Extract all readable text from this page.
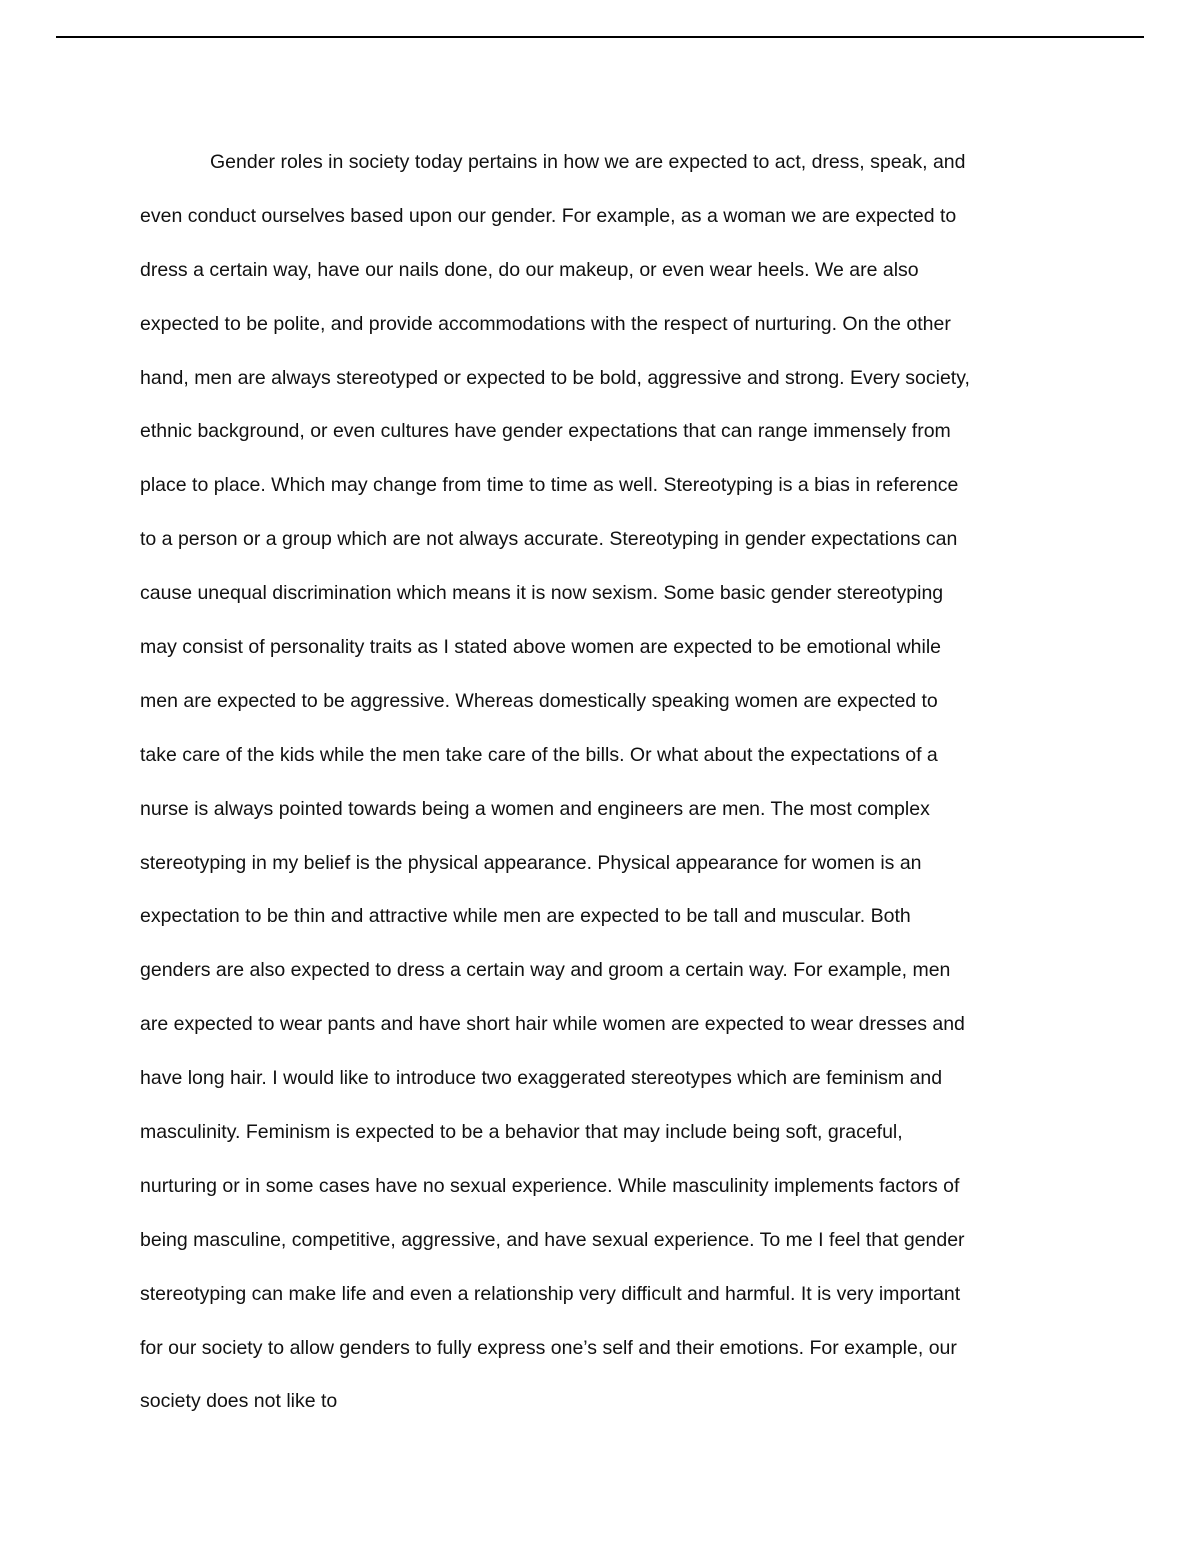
Gender roles in society today pertains in how we are expected to act, dress, speak, and
even conduct ourselves based upon our gender. For example, as a woman we are expected to
dress a certain way, have our nails done, do our makeup, or even wear heels. We are also
expected to be polite, and provide accommodations with the respect of nurturing. On the other
hand, men are always stereotyped or expected to be bold, aggressive and strong. Every society,
ethnic background, or even cultures have gender expectations that can range immensely from
place to place. Which may change from time to time as well. Stereotyping is a bias in reference
to a person or a group which are not always accurate. Stereotyping in gender expectations can
cause unequal discrimination which means it is now sexism. Some basic gender stereotyping
may consist of personality traits as I stated above women are expected to be emotional while
men are expected to be aggressive. Whereas domestically speaking women are expected to
take care of the kids while the men take care of the bills. Or what about the expectations of a
nurse is always pointed towards being a women and engineers are men. The most complex
stereotyping in my belief is the physical appearance. Physical appearance for women is an
expectation to be thin and attractive while men are expected to be tall and muscular. Both
genders are also expected to dress a certain way and groom a certain way. For example, men
are expected to wear pants and have short hair while women are expected to wear dresses and
have long hair. I would like to introduce two exaggerated stereotypes which are feminism and
masculinity. Feminism is expected to be a behavior that may include being soft, graceful,
nurturing or in some cases have no sexual experience. While masculinity implements factors of
being masculine, competitive, aggressive, and have sexual experience. To me I feel that gender
stereotyping can make life and even a relationship very difficult and harmful. It is very important
for our society to allow genders to fully express one’s self and their emotions. For example, our
society does not like to
